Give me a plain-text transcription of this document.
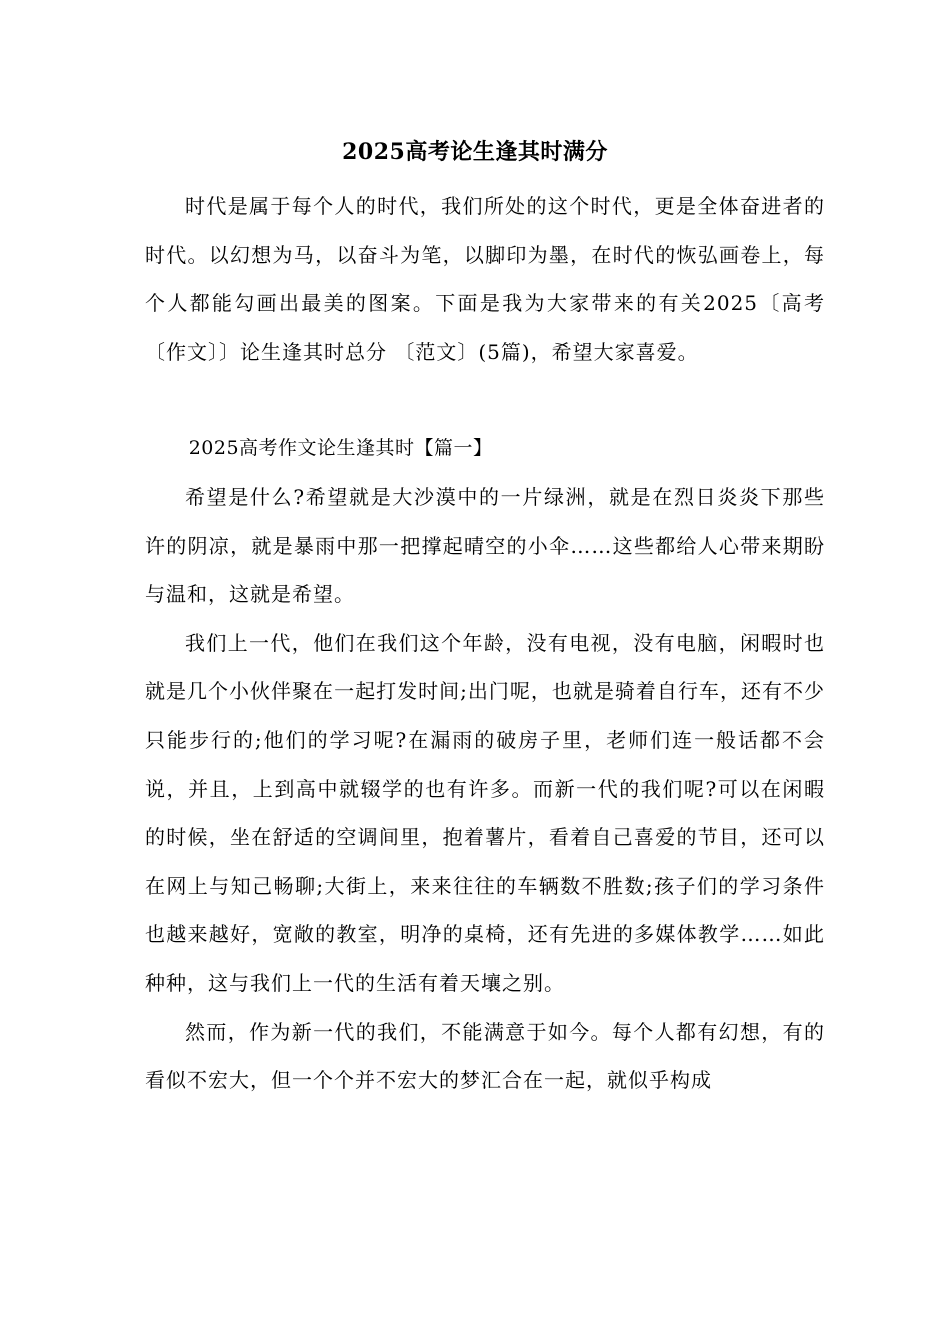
2025高考论生逢其时满分

时代是属于每个人的时代，我们所处的这个时代，更是全体奋进者的时代。以幻想为马，以奋斗为笔，以脚印为墨，在时代的恢弘画卷上，每个人都能勾画出最美的图案。下面是我为大家带来的有关2025〔高考〔作文〕〕论生逢其时总分 〔范文〕(5篇)，希望大家喜爱。

2025高考作文论生逢其时【篇一】

希望是什么?希望就是大沙漠中的一片绿洲，就是在烈日炎炎下那些许的阴凉，就是暴雨中那一把撑起晴空的小伞……这些都给人心带来期盼与温和，这就是希望。

我们上一代，他们在我们这个年龄，没有电视，没有电脑，闲暇时也就是几个小伙伴聚在一起打发时间;出门呢，也就是骑着自行车，还有不少只能步行的;他们的学习呢?在漏雨的破房子里，老师们连一般话都不会说，并且，上到高中就辍学的也有许多。而新一代的我们呢?可以在闲暇的时候，坐在舒适的空调间里，抱着薯片，看着自己喜爱的节目，还可以在网上与知己畅聊;大街上，来来往往的车辆数不胜数;孩子们的学习条件也越来越好，宽敞的教室，明净的桌椅，还有先进的多媒体教学……如此种种，这与我们上一代的生活有着天壤之别。

然而，作为新一代的我们，不能满意于如今。每个人都有幻想，有的看似不宏大，但一个个并不宏大的梦汇合在一起，就似乎构成
